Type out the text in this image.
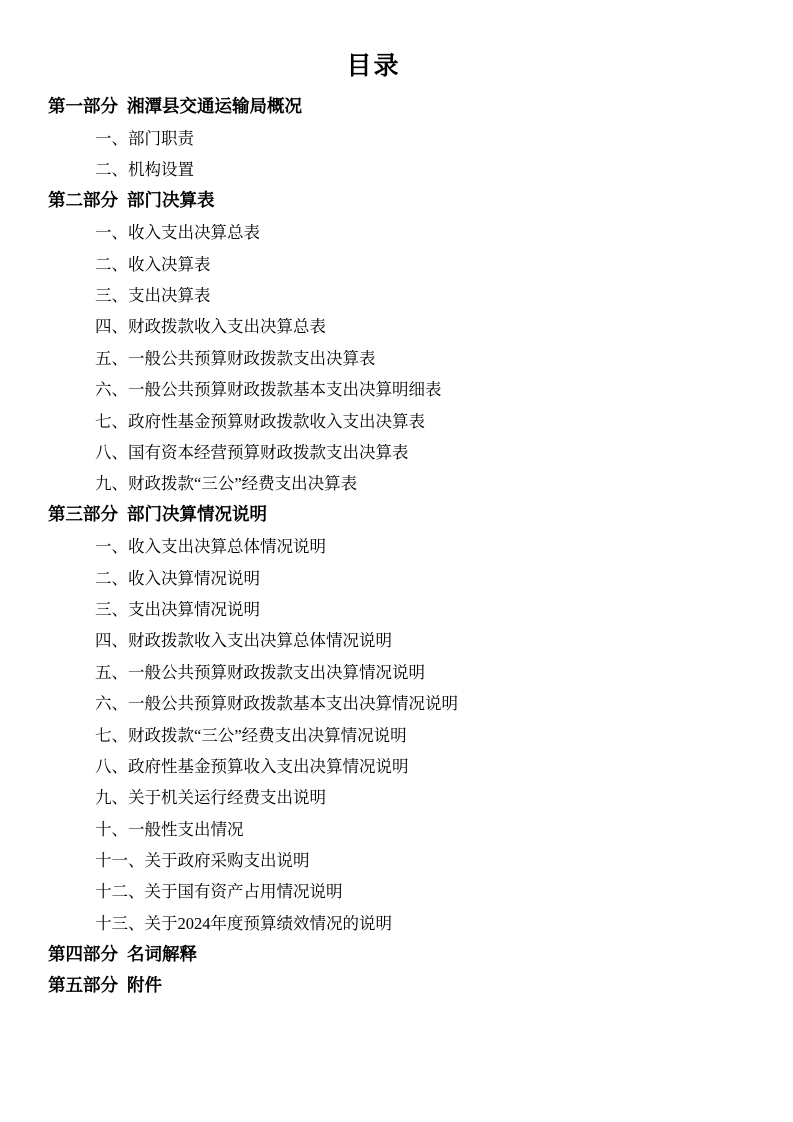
目录
第一部分 湘潭县交通运输局概况
一、部门职责
二、机构设置
第二部分 部门决算表
一、收入支出决算总表
二、收入决算表
三、支出决算表
四、财政拨款收入支出决算总表
五、一般公共预算财政拨款支出决算表
六、一般公共预算财政拨款基本支出决算明细表
七、政府性基金预算财政拨款收入支出决算表
八、国有资本经营预算财政拨款支出决算表
九、财政拨款“三公”经费支出决算表
第三部分 部门决算情况说明
一、收入支出决算总体情况说明
二、收入决算情况说明
三、支出决算情况说明
四、财政拨款收入支出决算总体情况说明
五、一般公共预算财政拨款支出决算情况说明
六、一般公共预算财政拨款基本支出决算情况说明
七、财政拨款“三公”经费支出决算情况说明
八、政府性基金预算收入支出决算情况说明
九、关于机关运行经费支出说明
十、一般性支出情况
十一、关于政府采购支出说明
十二、关于国有资产占用情况说明
十三、关于2024年度预算绩效情况的说明
第四部分 名词解释
第五部分 附件
